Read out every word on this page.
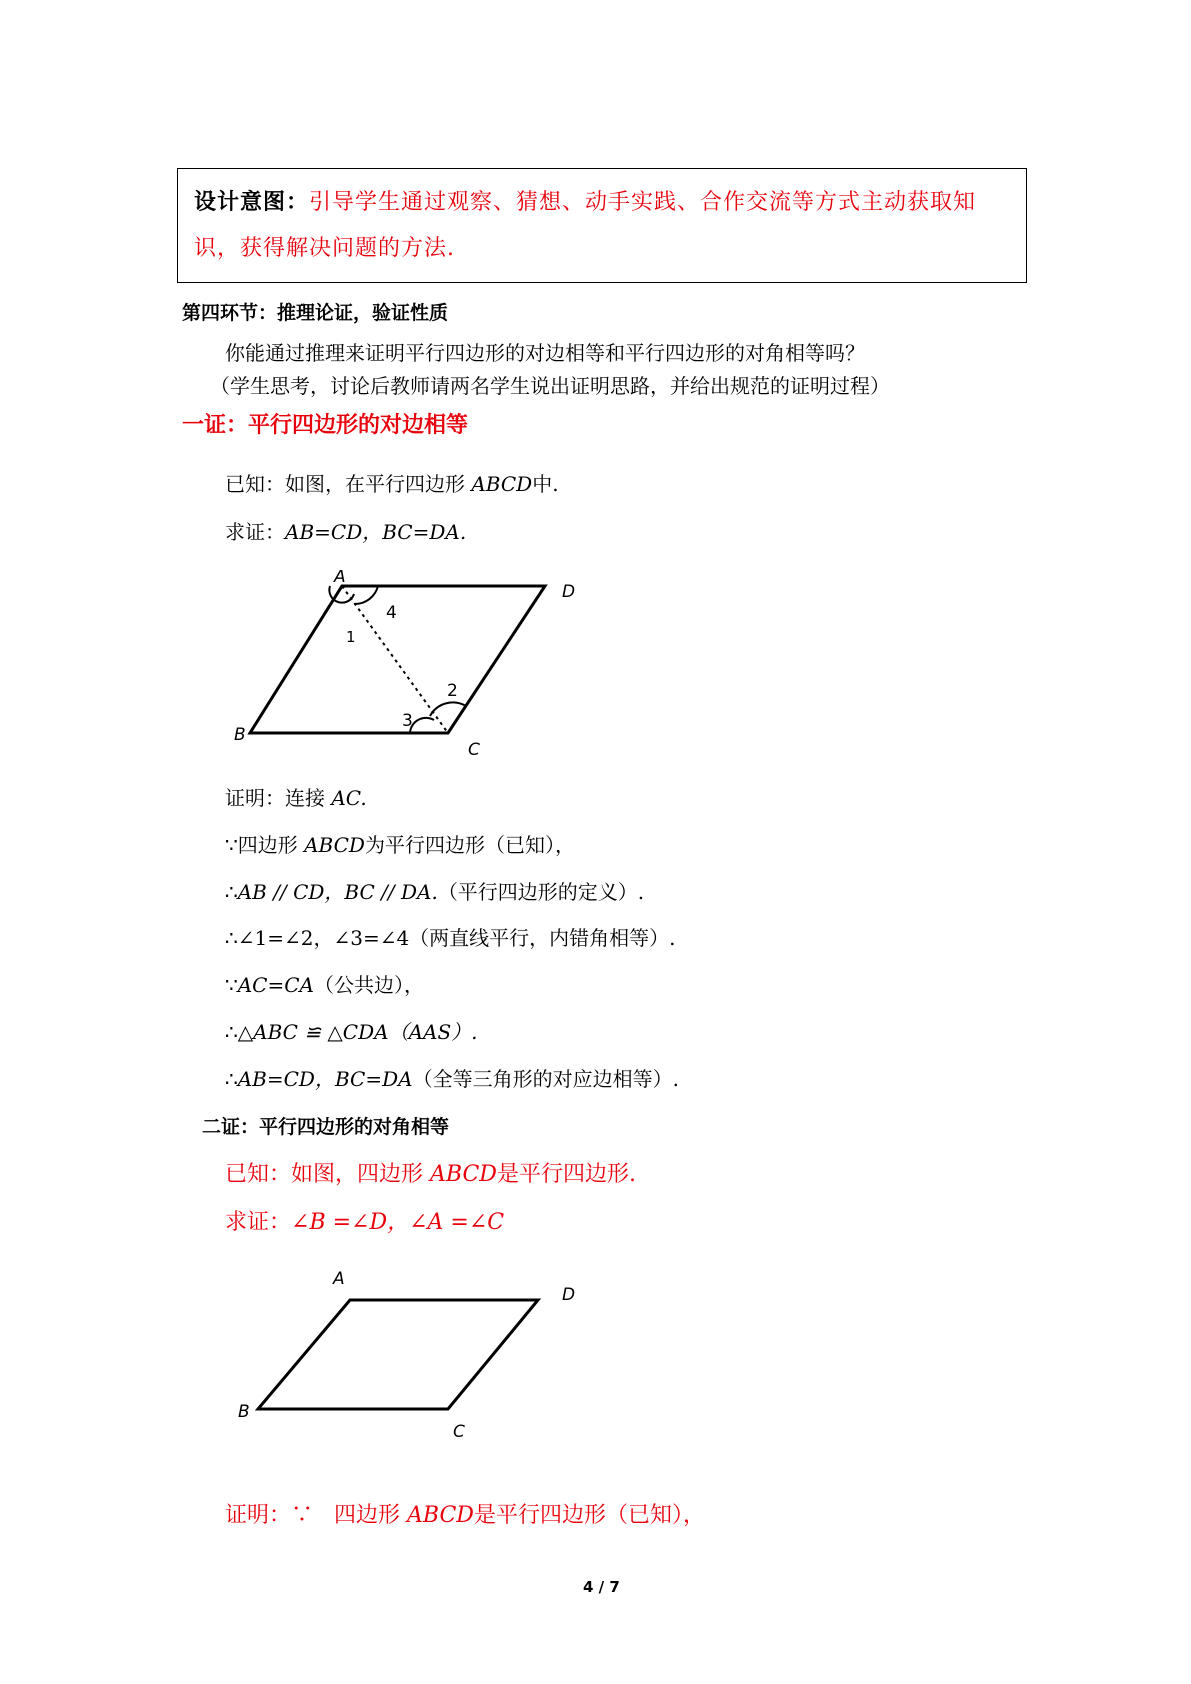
设计意图：引导学生通过观察、猜想、动手实践、合作交流等方式主动获取知
识，获得解决问题的方法.
第四环节：推理论证，验证性质
你能通过推理来证明平行四边形的对边相等和平行四边形的对角相等吗？
（学生思考，讨论后教师请两名学生说出证明思路，并给出规范的证明过程）
一证：平行四边形的对边相等
已知：如图，在平行四边形 ABCD中.
求证：AB=CD，BC=DA.
A
D
B
C
1
4
2
3
证明：连接 AC.
∵四边形 ABCD为平行四边形（已知），
∴AB // CD，BC // DA.（平行四边形的定义）.
∴∠1=∠2，∠3=∠4（两直线平行，内错角相等）.
∵AC=CA（公共边），
∴△ABC ≌ △CDA（AAS）.
∴AB=CD，BC=DA（全等三角形的对应边相等）.
二证：平行四边形的对角相等
已知：如图，四边形 ABCD是平行四边形.
求证：∠B =∠D，∠A =∠C
A
D
B
C
证明：∵ 四边形 ABCD是平行四边形（已知），
4 / 7
